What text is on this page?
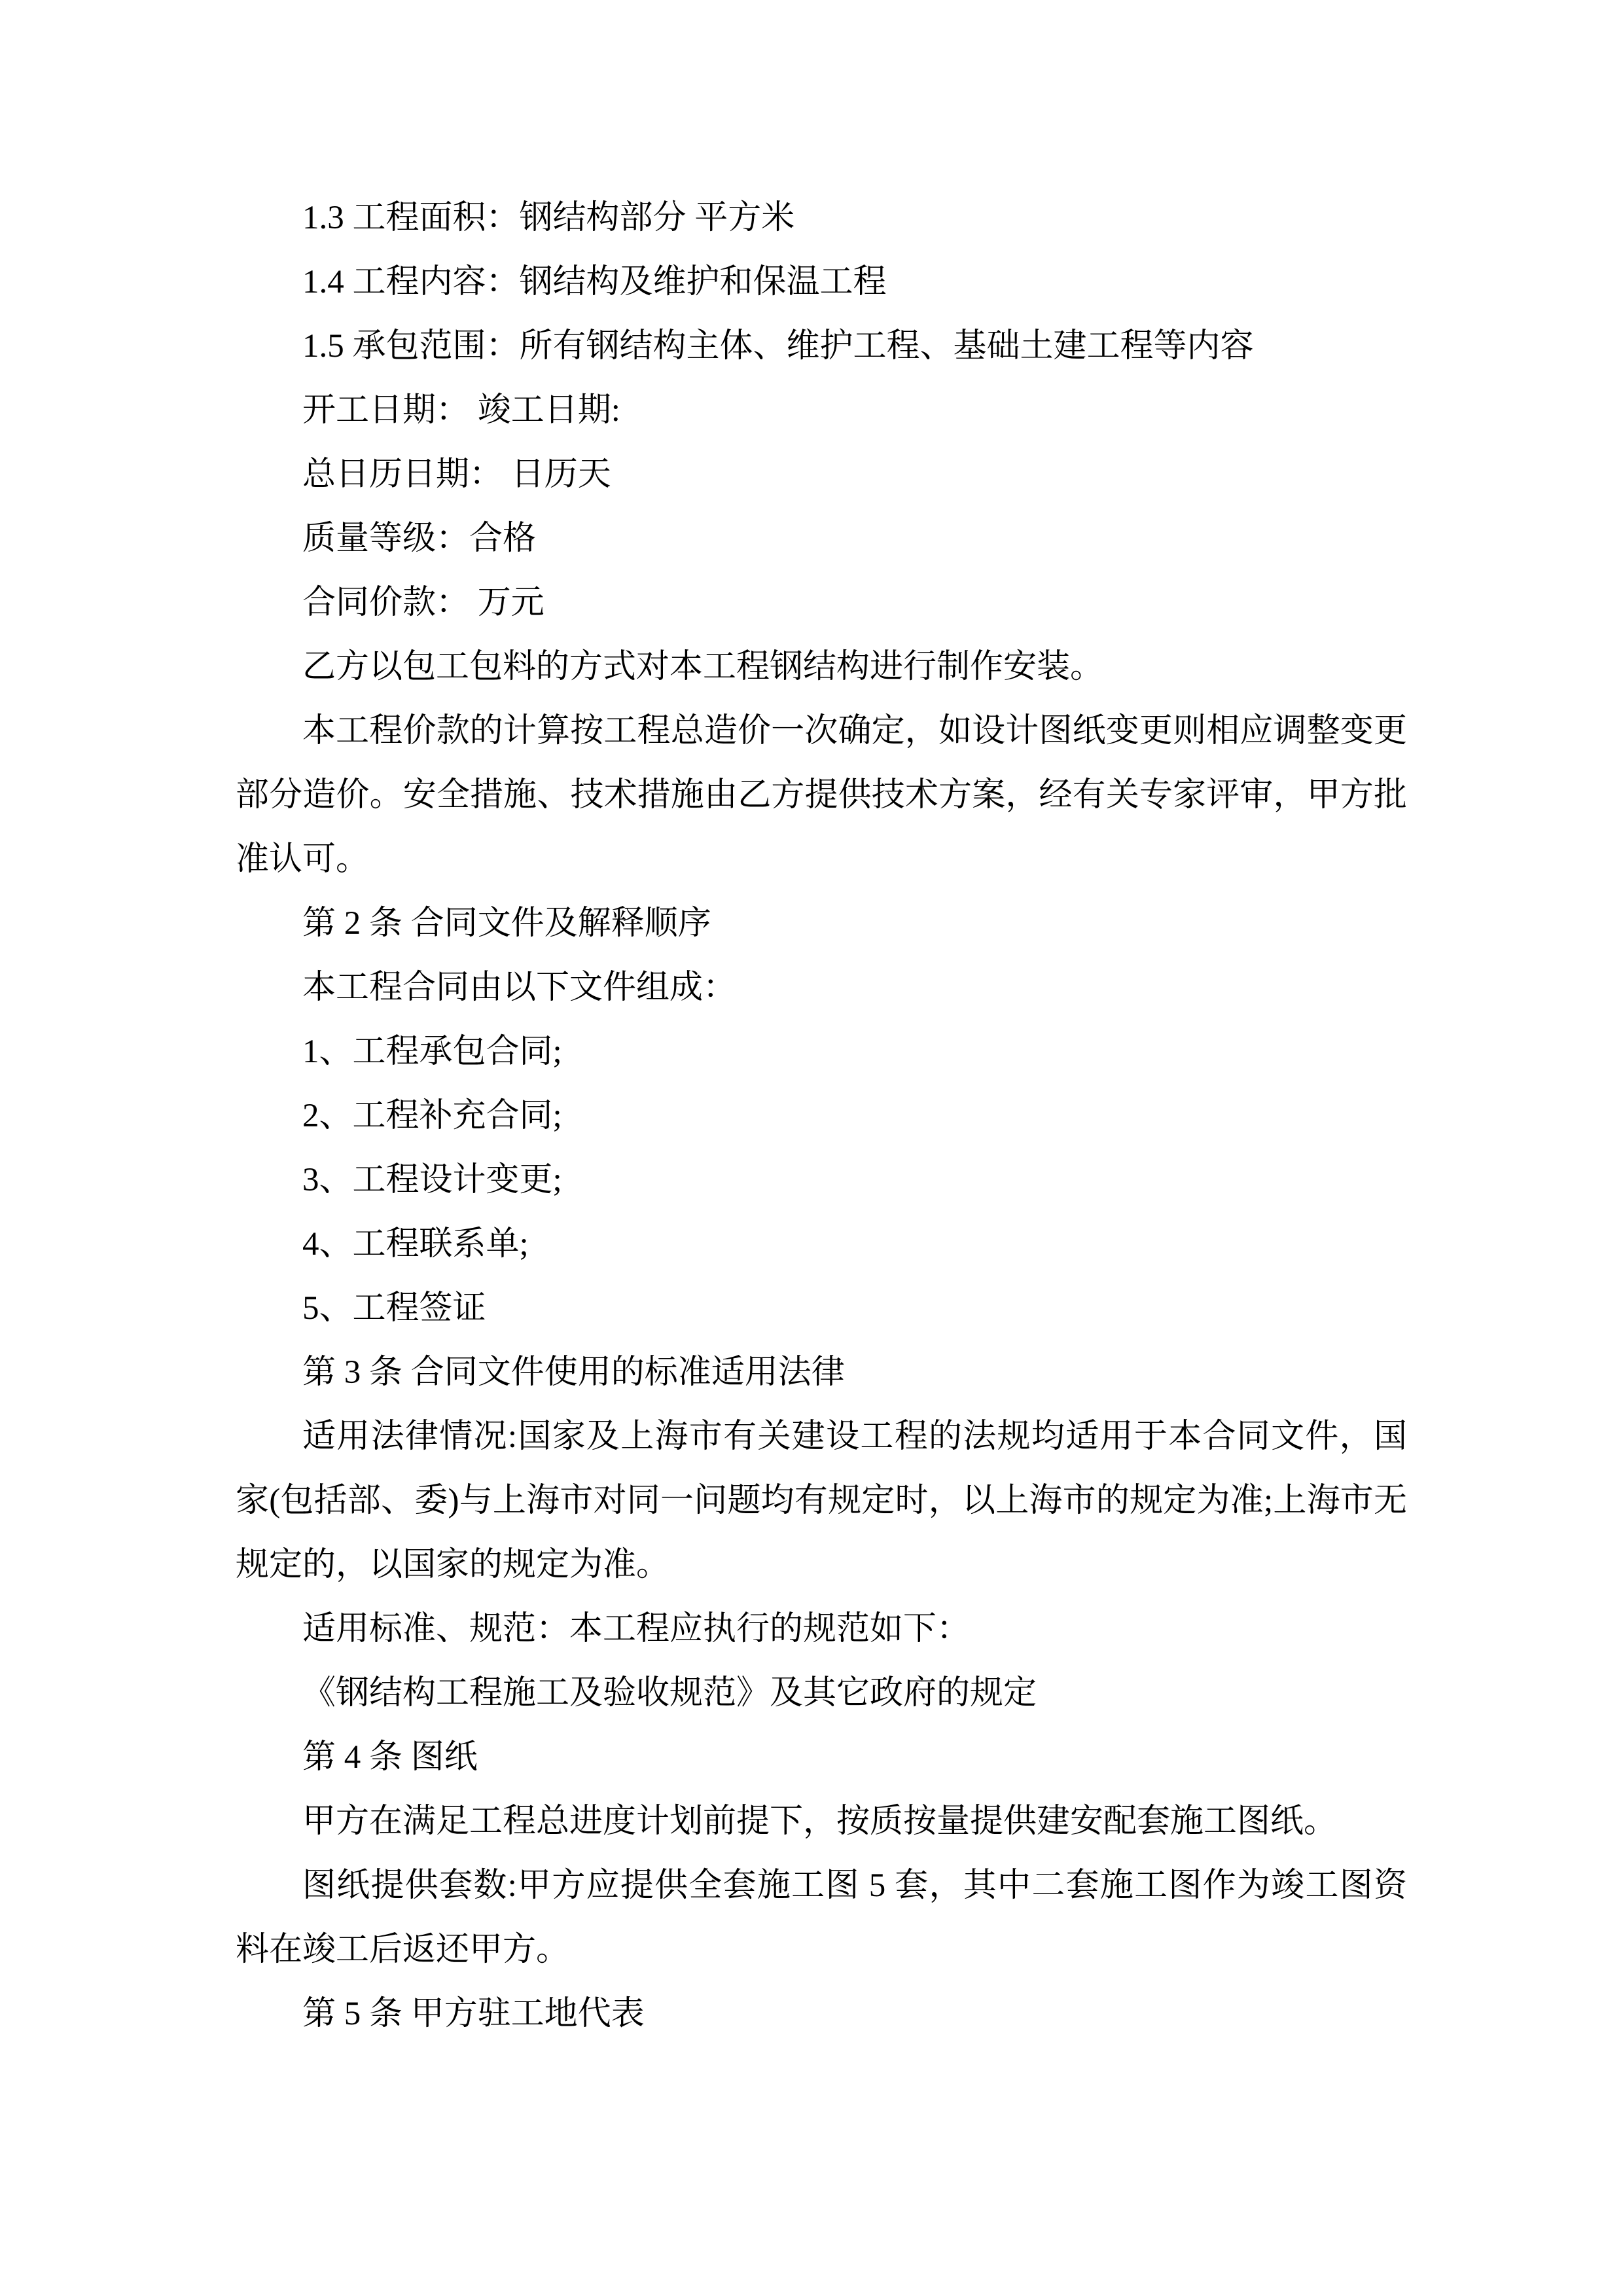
1.3 工程面积：钢结构部分 平方米

1.4 工程内容：钢结构及维护和保温工程

1.5 承包范围：所有钢结构主体、维护工程、基础土建工程等内容

开工日期： 竣工日期:

总日历日期： 日历天

质量等级：合格

合同价款： 万元

乙方以包工包料的方式对本工程钢结构进行制作安装。

本工程价款的计算按工程总造价一次确定，如设计图纸变更则相应调整变更部分造价。安全措施、技术措施由乙方提供技术方案，经有关专家评审，甲方批准认可。

第 2 条 合同文件及解释顺序

本工程合同由以下文件组成：

1、工程承包合同;

2、工程补充合同;

3、工程设计变更;

4、工程联系单;

5、工程签证

第 3 条 合同文件使用的标准适用法律

适用法律情况:国家及上海市有关建设工程的法规均适用于本合同文件，国家(包括部、委)与上海市对同一问题均有规定时，以上海市的规定为准;上海市无规定的，以国家的规定为准。

适用标准、规范：本工程应执行的规范如下：

《钢结构工程施工及验收规范》及其它政府的规定

第 4 条 图纸

甲方在满足工程总进度计划前提下，按质按量提供建安配套施工图纸。

图纸提供套数:甲方应提供全套施工图 5 套，其中二套施工图作为竣工图资料在竣工后返还甲方。

第 5 条 甲方驻工地代表
